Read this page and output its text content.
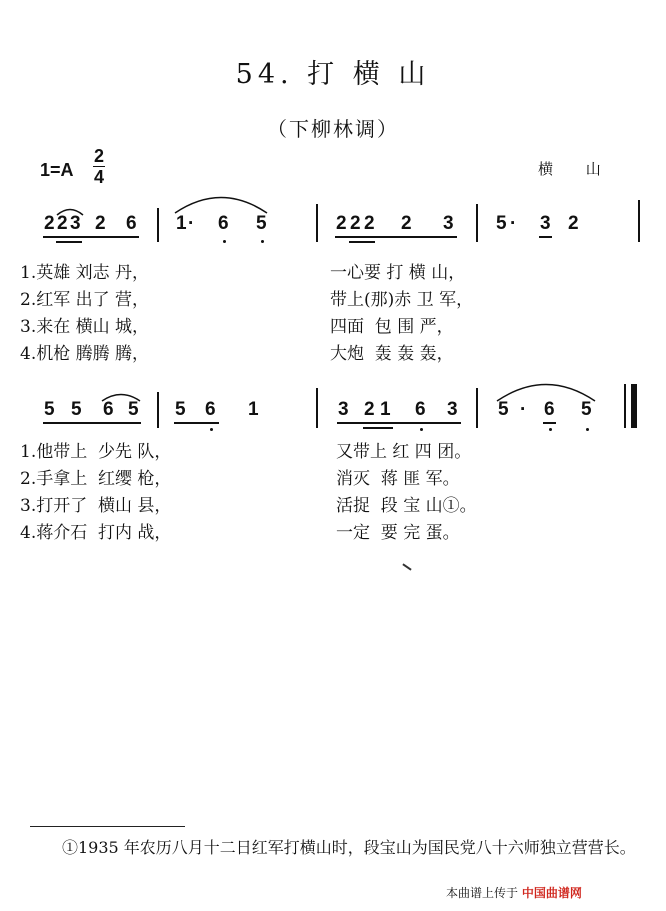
54. 打 横 山
（下柳林调）
1=A
2
4	横 山
2 2 3 2 6 1 · 6 5	2 2 2 2 3 5 · 3 2
1.英雄 刘志 丹，	一心要 打 横 山，
2.红军 出了 营，	带上(那)赤 卫 军，
3.来在 横山 城，	四面  包 围 严，
4.机枪 腾腾 腾，	大炮  轰 轰 轰，
5 5 6 5 5 6 1	3 2 1 6 3 5 · 6 5
1.他带上  少先 队，	又带上 红 四 团。
2.手拿上  红缨 枪，	消灭  蒋 匪 军。
3.打开了  横山 县，	活捉  段 宝 山①。
4.蒋介石  打内 战，	一定  要 完 蛋。
①1935 年农历八月十二日红军打横山时，段宝山为国民党八十六师独立营营长。
本曲谱上传于 中国曲谱网
